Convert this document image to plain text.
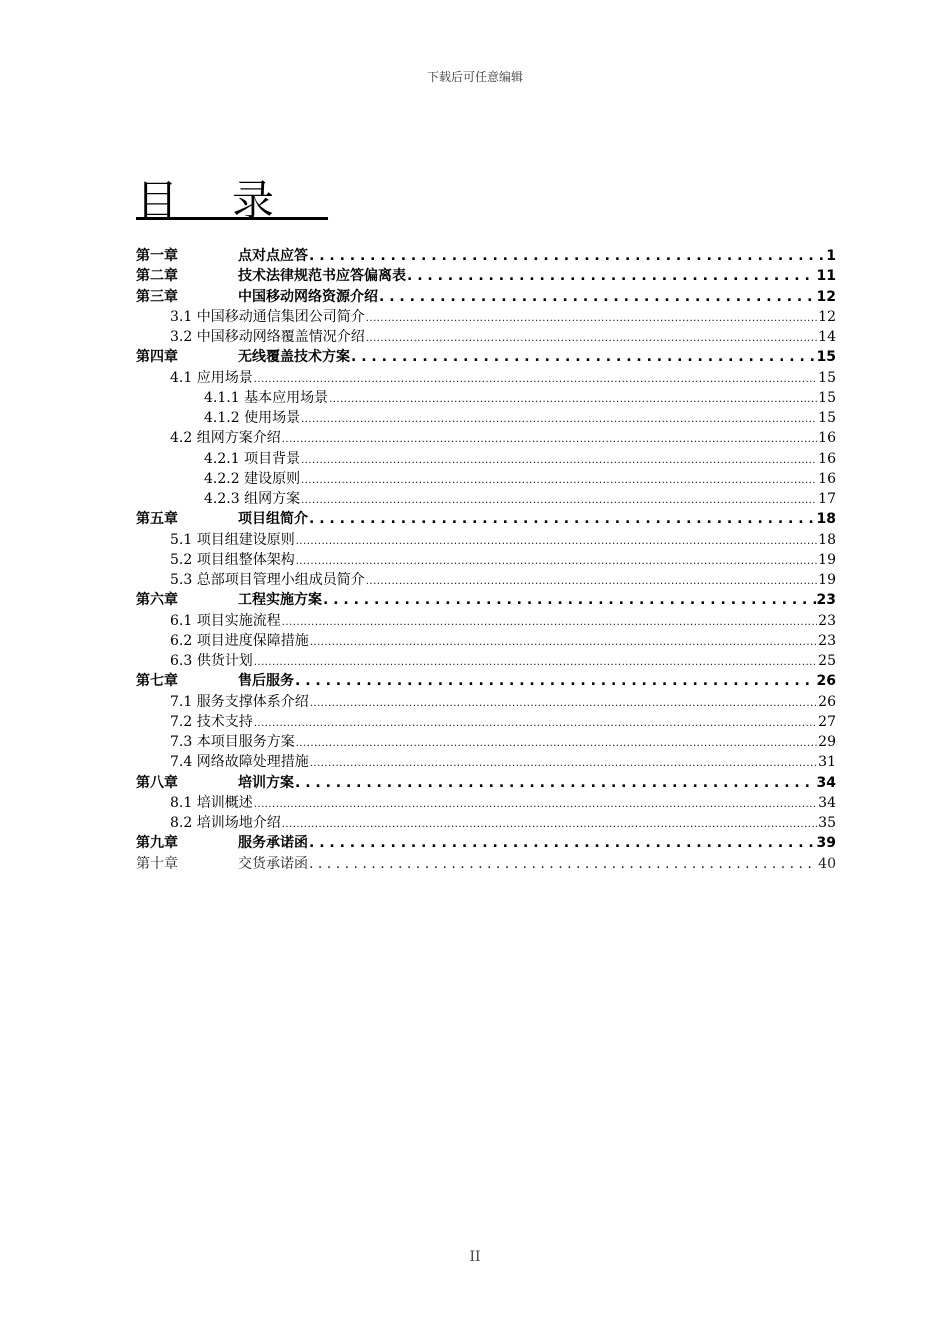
下载后可任意编辑
目录
第一章	点对点应答 . . .	1
第二章	技术法律规范书应答偏离表 . . .	11
第三章	中国移动网络资源介绍 . . .	12
3.1 中国移动通信集团公司简介 .....	12
3.2 中国移动网络覆盖情况介绍 .....	14
第四章	无线覆盖技术方案 . . .	15
4.1 应用场景 .....	15
4.1.1 基本应用场景 .....	15
4.1.2 使用场景 .....	15
4.2 组网方案介绍 .....	16
4.2.1 项目背景 .....	16
4.2.2 建设原则 .....	16
4.2.3 组网方案 .....	17
第五章	项目组简介 . . .	18
5.1 项目组建设原则 .....	18
5.2 项目组整体架构 .....	19
5.3 总部项目管理小组成员简介 .....	19
第六章	工程实施方案 . . .	23
6.1 项目实施流程 .....	23
6.2 项目进度保障措施 .....	23
6.3 供货计划 .....	25
第七章	售后服务 . . .	26
7.1 服务支撑体系介绍 .....	26
7.2 技术支持 .....	27
7.3 本项目服务方案 .....	29
7.4 网络故障处理措施 .....	31
第八章	培训方案 . . .	34
8.1 培训概述 .....	34
8.2 培训场地介绍 .....	35
第九章	服务承诺函 . . .	39
第十章	交货承诺函 . . .	40
II
